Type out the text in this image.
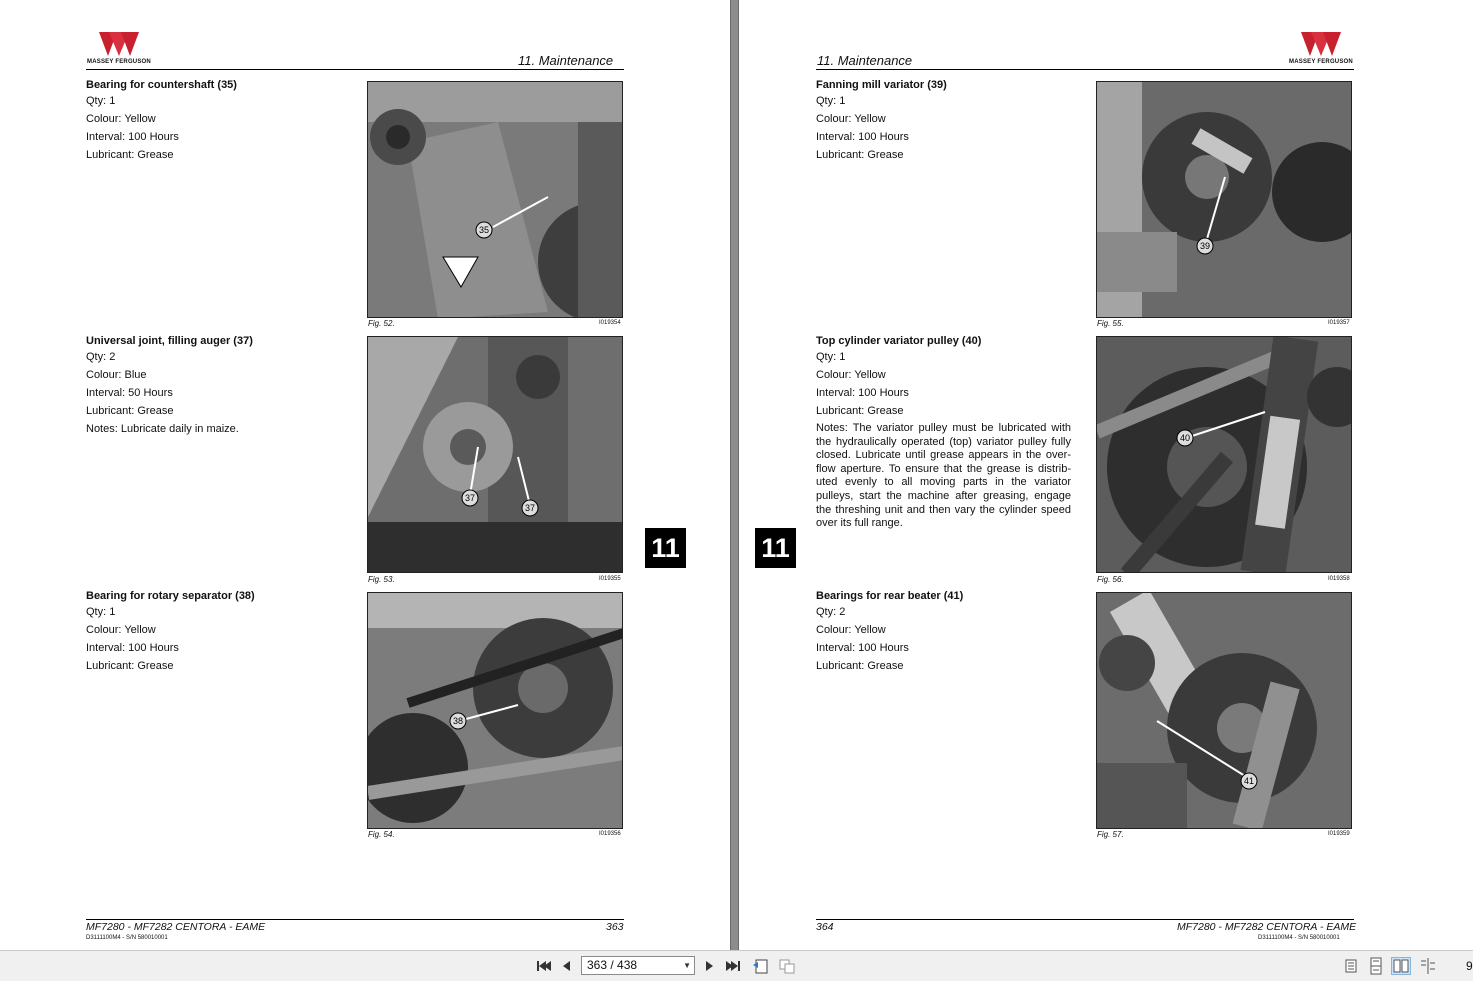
MASSEY FERGUSON	11. Maintenance
Bearing for countershaft (35)
Qty: 1
Colour: Yellow
Interval: 100 Hours
Lubricant: Grease
35
Fig. 52.	I019354
Universal joint, filling auger (37)
Qty: 2
Colour: Blue
Interval: 50 Hours
Lubricant: Grease
Notes: Lubricate daily in maize.
37
37
Fig. 53.	I019355
Bearing for rotary separator (38)
Qty: 1
Colour: Yellow
Interval: 100 Hours
Lubricant: Grease
38
Fig. 54.	I019356
11
MF7280 - MF7282 CENTORA - EAME	363
D3111100M4 - S/N 580010001
11. Maintenance	MASSEY FERGUSON
Fanning mill variator (39)
Qty: 1
Colour: Yellow
Interval: 100 Hours
Lubricant: Grease
39
Fig. 55.	I019357
Top cylinder variator pulley (40)
Qty: 1
Colour: Yellow
Interval: 100 Hours
Lubricant: Grease
Notes: The variator pulley must be lubricated with the hydraulically operated (top) variator pulley fully closed. Lubricate until grease appears in the over- flow aperture. To ensure that the grease is distrib- uted evenly to all moving parts in the variator pulleys, start the machine after greasing, engage the threshing unit and then vary the cylinder speed over its full range.
40
Fig. 56.	I019358
Bearings for rear beater (41)
Qty: 2
Colour: Yellow
Interval: 100 Hours
Lubricant: Grease
41
Fig. 57.	I019359
11
364	MF7280 - MF7282 CENTORA - EAME
D3111100M4 - S/N 580010001
363 / 438	▼	9
